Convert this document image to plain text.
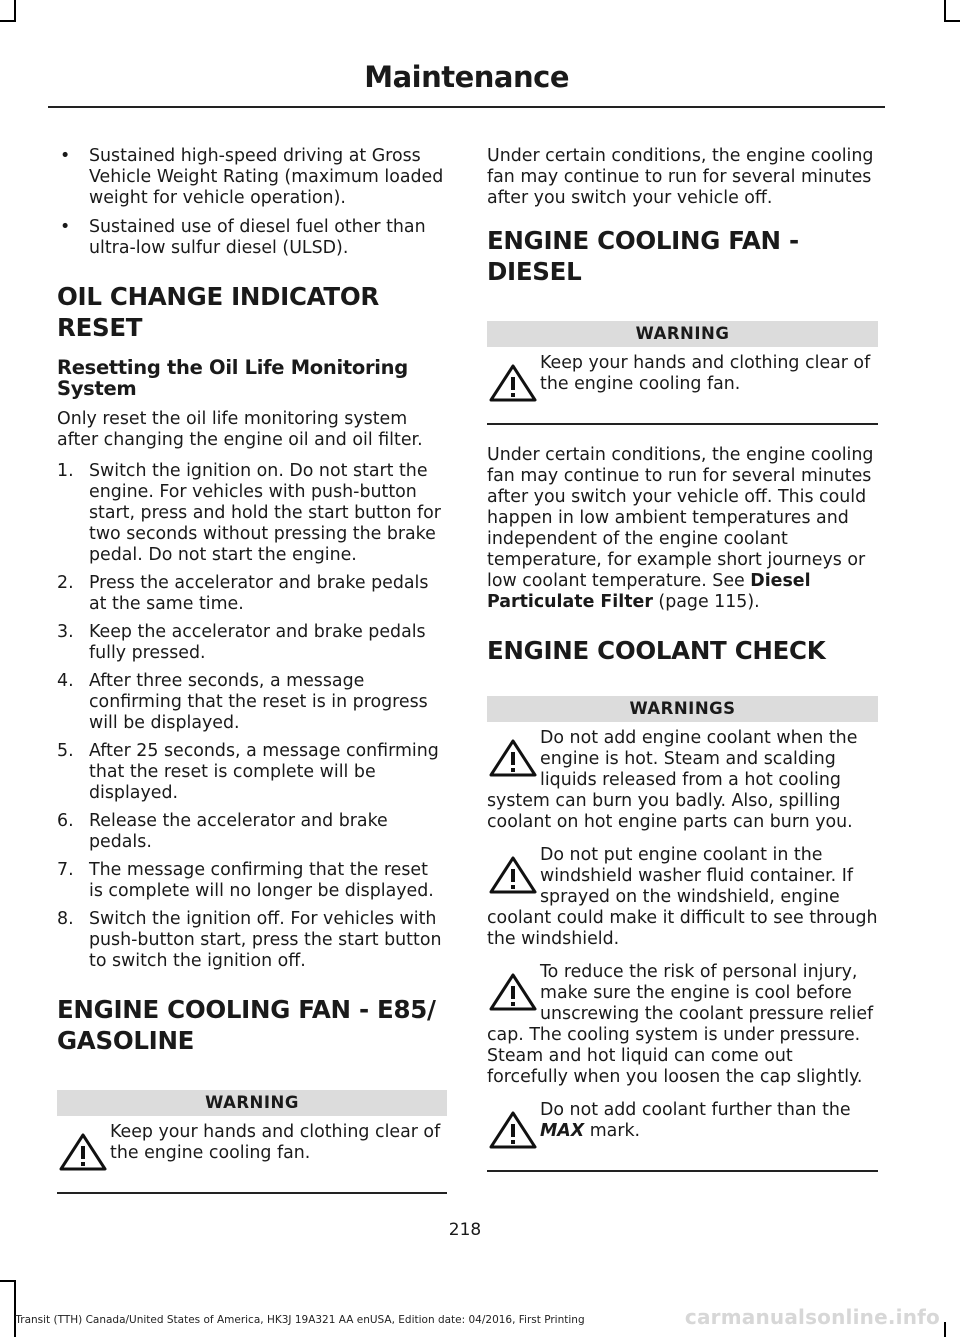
Maintenance
• Sustained high-speed driving at Gross Vehicle Weight Rating (maximum loaded weight for vehicle operation).
• Sustained use of diesel fuel other than ultra-low sulfur diesel (ULSD).
OIL CHANGE INDICATOR RESET
Resetting the Oil Life Monitoring System
Only reset the oil life monitoring system after changing the engine oil and oil filter.
1. Switch the ignition on. Do not start the engine. For vehicles with push-button start, press and hold the start button for two seconds without pressing the brake pedal. Do not start the engine.
2. Press the accelerator and brake pedals at the same time.
3. Keep the accelerator and brake pedals fully pressed.
4. After three seconds, a message confirming that the reset is in progress will be displayed.
5. After 25 seconds, a message confirming that the reset is complete will be displayed.
6. Release the accelerator and brake pedals.
7. The message confirming that the reset is complete will no longer be displayed.
8. Switch the ignition off. For vehicles with push-button start, press the start button to switch the ignition off.
ENGINE COOLING FAN - E85/ GASOLINE
WARNING
Keep your hands and clothing clear of the engine cooling fan.
Under certain conditions, the engine cooling fan may continue to run for several minutes after you switch your vehicle off.
ENGINE COOLING FAN - DIESEL
WARNING
Keep your hands and clothing clear of the engine cooling fan.
Under certain conditions, the engine cooling fan may continue to run for several minutes after you switch your vehicle off. This could happen in low ambient temperatures and independent of the engine coolant temperature, for example short journeys or low coolant temperature. See Diesel Particulate Filter (page 115).
ENGINE COOLANT CHECK
WARNINGS
Do not add engine coolant when the engine is hot. Steam and scalding liquids released from a hot cooling system can burn you badly. Also, spilling coolant on hot engine parts can burn you.
Do not put engine coolant in the windshield washer fluid container. If sprayed on the windshield, engine coolant could make it difficult to see through the windshield.
To reduce the risk of personal injury, make sure the engine is cool before unscrewing the coolant pressure relief cap. The cooling system is under pressure. Steam and hot liquid can come out forcefully when you loosen the cap slightly.
Do not add coolant further than the MAX mark.
218
Transit (TTH) Canada/United States of America, HK3J 19A321 AA enUSA, Edition date: 04/2016, First Printing	carmanualsonline.info
